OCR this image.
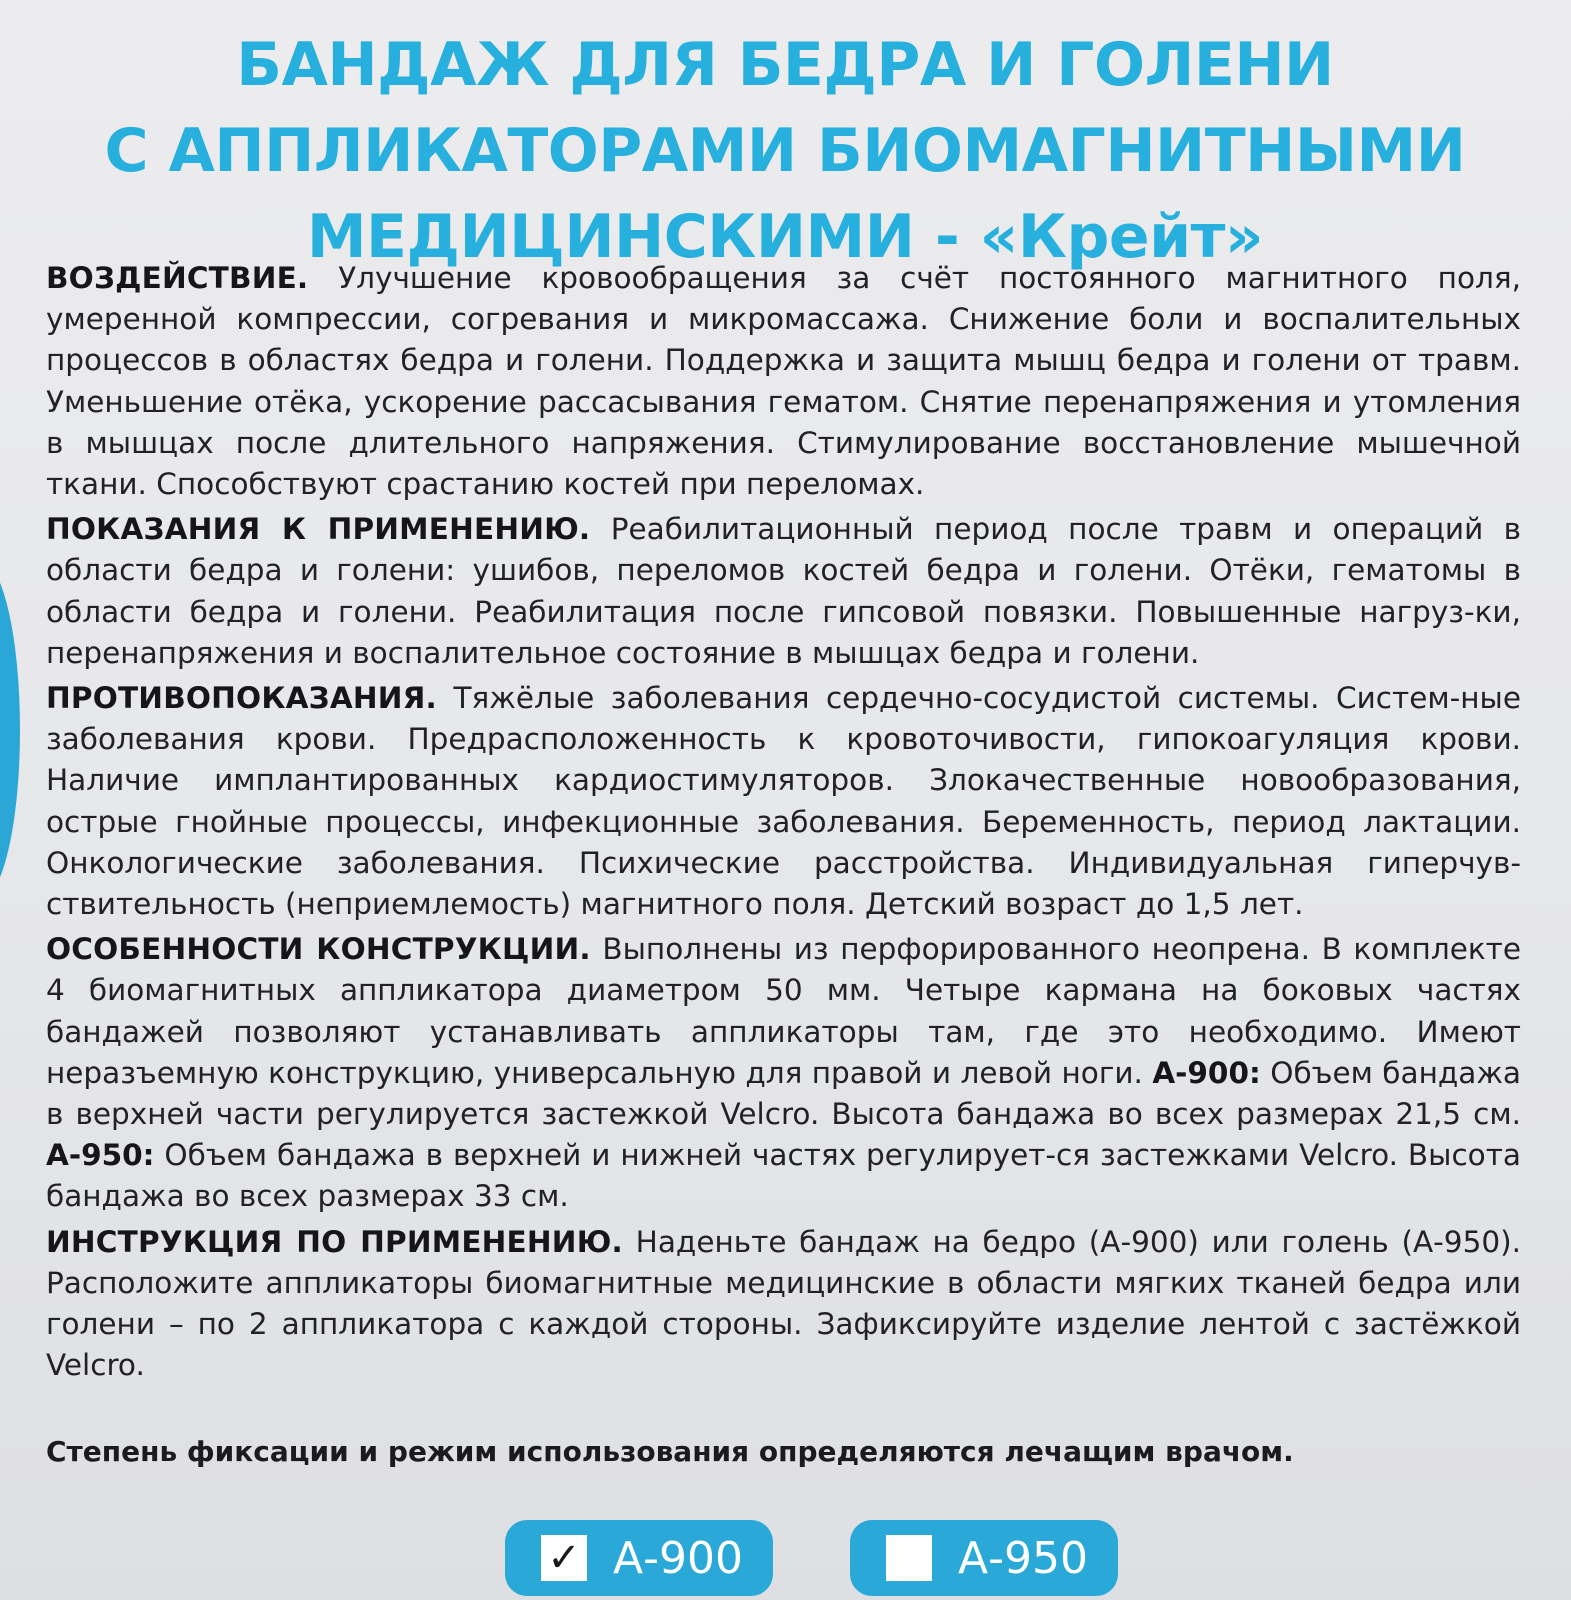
БАНДАЖ ДЛЯ БЕДРА И ГОЛЕНИ
С АППЛИКАТОРАМИ БИОМАГНИТНЫМИ
МЕДИЦИНСКИМИ - «Крейт»

ВОЗДЕЙСТВИЕ. Улучшение кровообращения за счёт постоянного магнитного поля, умеренной компрессии, согревания и микромассажа. Снижение боли и воспалительных процессов в областях бедра и голени. Поддержка и защита мышц бедра и голени от травм. Уменьшение отёка, ускорение рассасывания гематом. Снятие перенапряжения и утомления в мышцах после длительного напряжения. Стимулирование восстановление мышечной ткани. Способствуют срастанию костей при переломах.

ПОКАЗАНИЯ К ПРИМЕНЕНИЮ. Реабилитационный период после травм и операций в области бедра и голени: ушибов, переломов костей бедра и голени. Отёки, гематомы в области бедра и голени. Реабилитация после гипсовой повязки. Повышенные нагруз-ки, перенапряжения и воспалительное состояние в мышцах бедра и голени.

ПРОТИВОПОКАЗАНИЯ. Тяжёлые заболевания сердечно-сосудистой системы. Систем-ные заболевания крови. Предрасположенность к кровоточивости, гипокоагуляция крови. Наличие имплантированных кардиостимуляторов. Злокачественные новообразования, острые гнойные процессы, инфекционные заболевания. Беременность, период лактации. Онкологические заболевания. Психические расстройства. Индивидуальная гиперчув-ствительность (неприемлемость) магнитного поля. Детский возраст до 1,5 лет.

ОСОБЕННОСТИ КОНСТРУКЦИИ. Выполнены из перфорированного неопрена. В комплекте 4 биомагнитных аппликатора диаметром 50 мм. Четыре кармана на боковых частях бандажей позволяют устанавливать аппликаторы там, где это необходимо. Имеют неразъемную конструкцию, универсальную для правой и левой ноги. А-900: Объем бандажа в верхней части регулируется застежкой Velcro. Высота бандажа во всех размерах 21,5 см. А-950: Объем бандажа в верхней и нижней частях регулирует-ся застежками Velcro. Высота бандажа во всех размерах 33 см.

ИНСТРУКЦИЯ ПО ПРИМЕНЕНИЮ. Наденьте бандаж на бедро (А-900) или голень (А-950). Расположите аппликаторы биомагнитные медицинские в области мягких тканей бедра или голени – по 2 аппликатора с каждой стороны. Зафиксируйте изделие лентой с застёжкой Velcro.

Степень фиксации и режим использования определяются лечащим врачом.
✓ А-900	А-950
